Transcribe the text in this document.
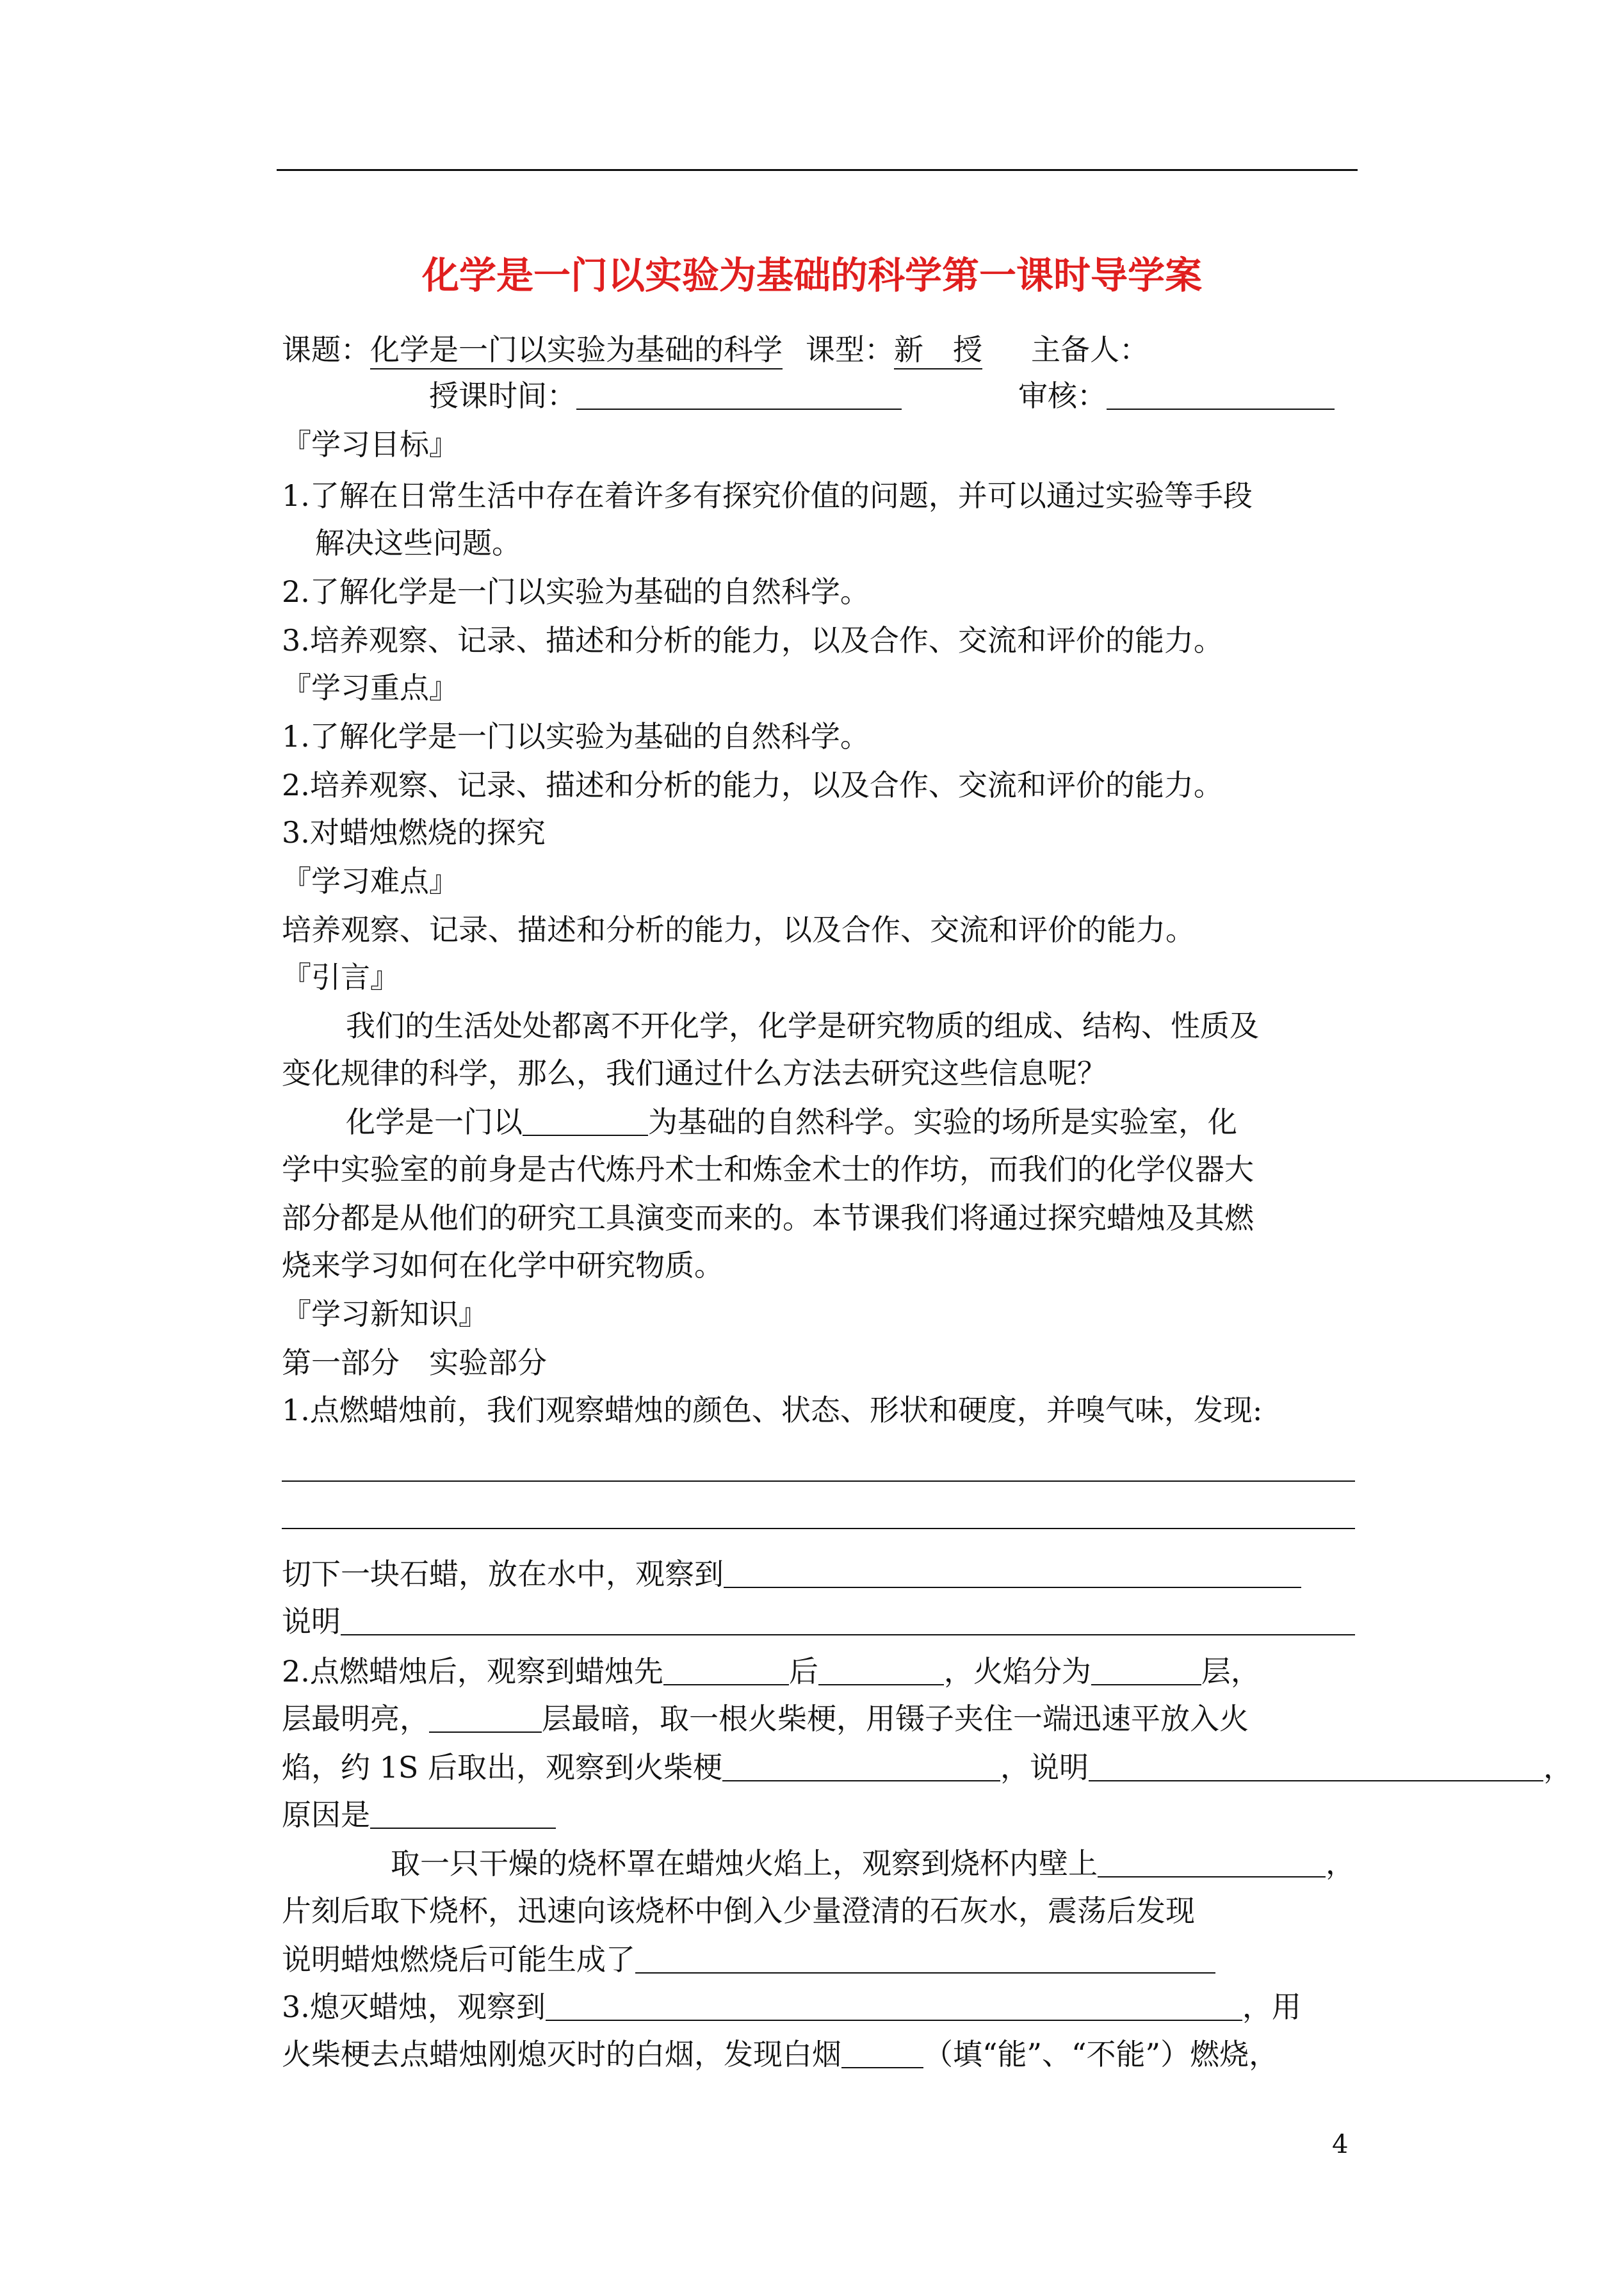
化学是一门以实验为基础的科学第一课时导学案
课题：化学是一门以实验为基础的科学 课型：新　授 主备人：
授课时间：	审核：
『学习目标』
1.了解在日常生活中存在着许多有探究价值的问题，并可以通过实验等手段
解决这些问题。
2.了解化学是一门以实验为基础的自然科学。
3.培养观察、记录、描述和分析的能力，以及合作、交流和评价的能力。
『学习重点』
1.了解化学是一门以实验为基础的自然科学。
2.培养观察、记录、描述和分析的能力，以及合作、交流和评价的能力。
3.对蜡烛燃烧的探究
『学习难点』
培养观察、记录、描述和分析的能力，以及合作、交流和评价的能力。
『引言』
我们的生活处处都离不开化学，化学是研究物质的组成、结构、性质及
变化规律的科学，那么，我们通过什么方法去研究这些信息呢？
化学是一门以	为基础的自然科学。实验的场所是实验室，化
学中实验室的前身是古代炼丹术士和炼金术士的作坊，而我们的化学仪器大
部分都是从他们的研究工具演变而来的。本节课我们将通过探究蜡烛及其燃
烧来学习如何在化学中研究物质。
『学习新知识』
第一部分　实验部分
1.点燃蜡烛前，我们观察蜡烛的颜色、状态、形状和硬度，并嗅气味，发现:
切下一块石蜡，放在水中，观察到
说明
2.点燃蜡烛后，观察到蜡烛先	后	，火焰分为	层，
层最明亮，	层最暗，取一根火柴梗，用镊子夹住一端迅速平放入火
焰，约 1S 后取出，观察到火柴梗	，说明	，
原因是
取一只干燥的烧杯罩在蜡烛火焰上，观察到烧杯内壁上	，
片刻后取下烧杯，迅速向该烧杯中倒入少量澄清的石灰水，震荡后发现
说明蜡烛燃烧后可能生成了
3.熄灭蜡烛，观察到	，用
火柴梗去点蜡烛刚熄灭时的白烟，发现白烟	（填“能”、“不能”）燃烧，
4
